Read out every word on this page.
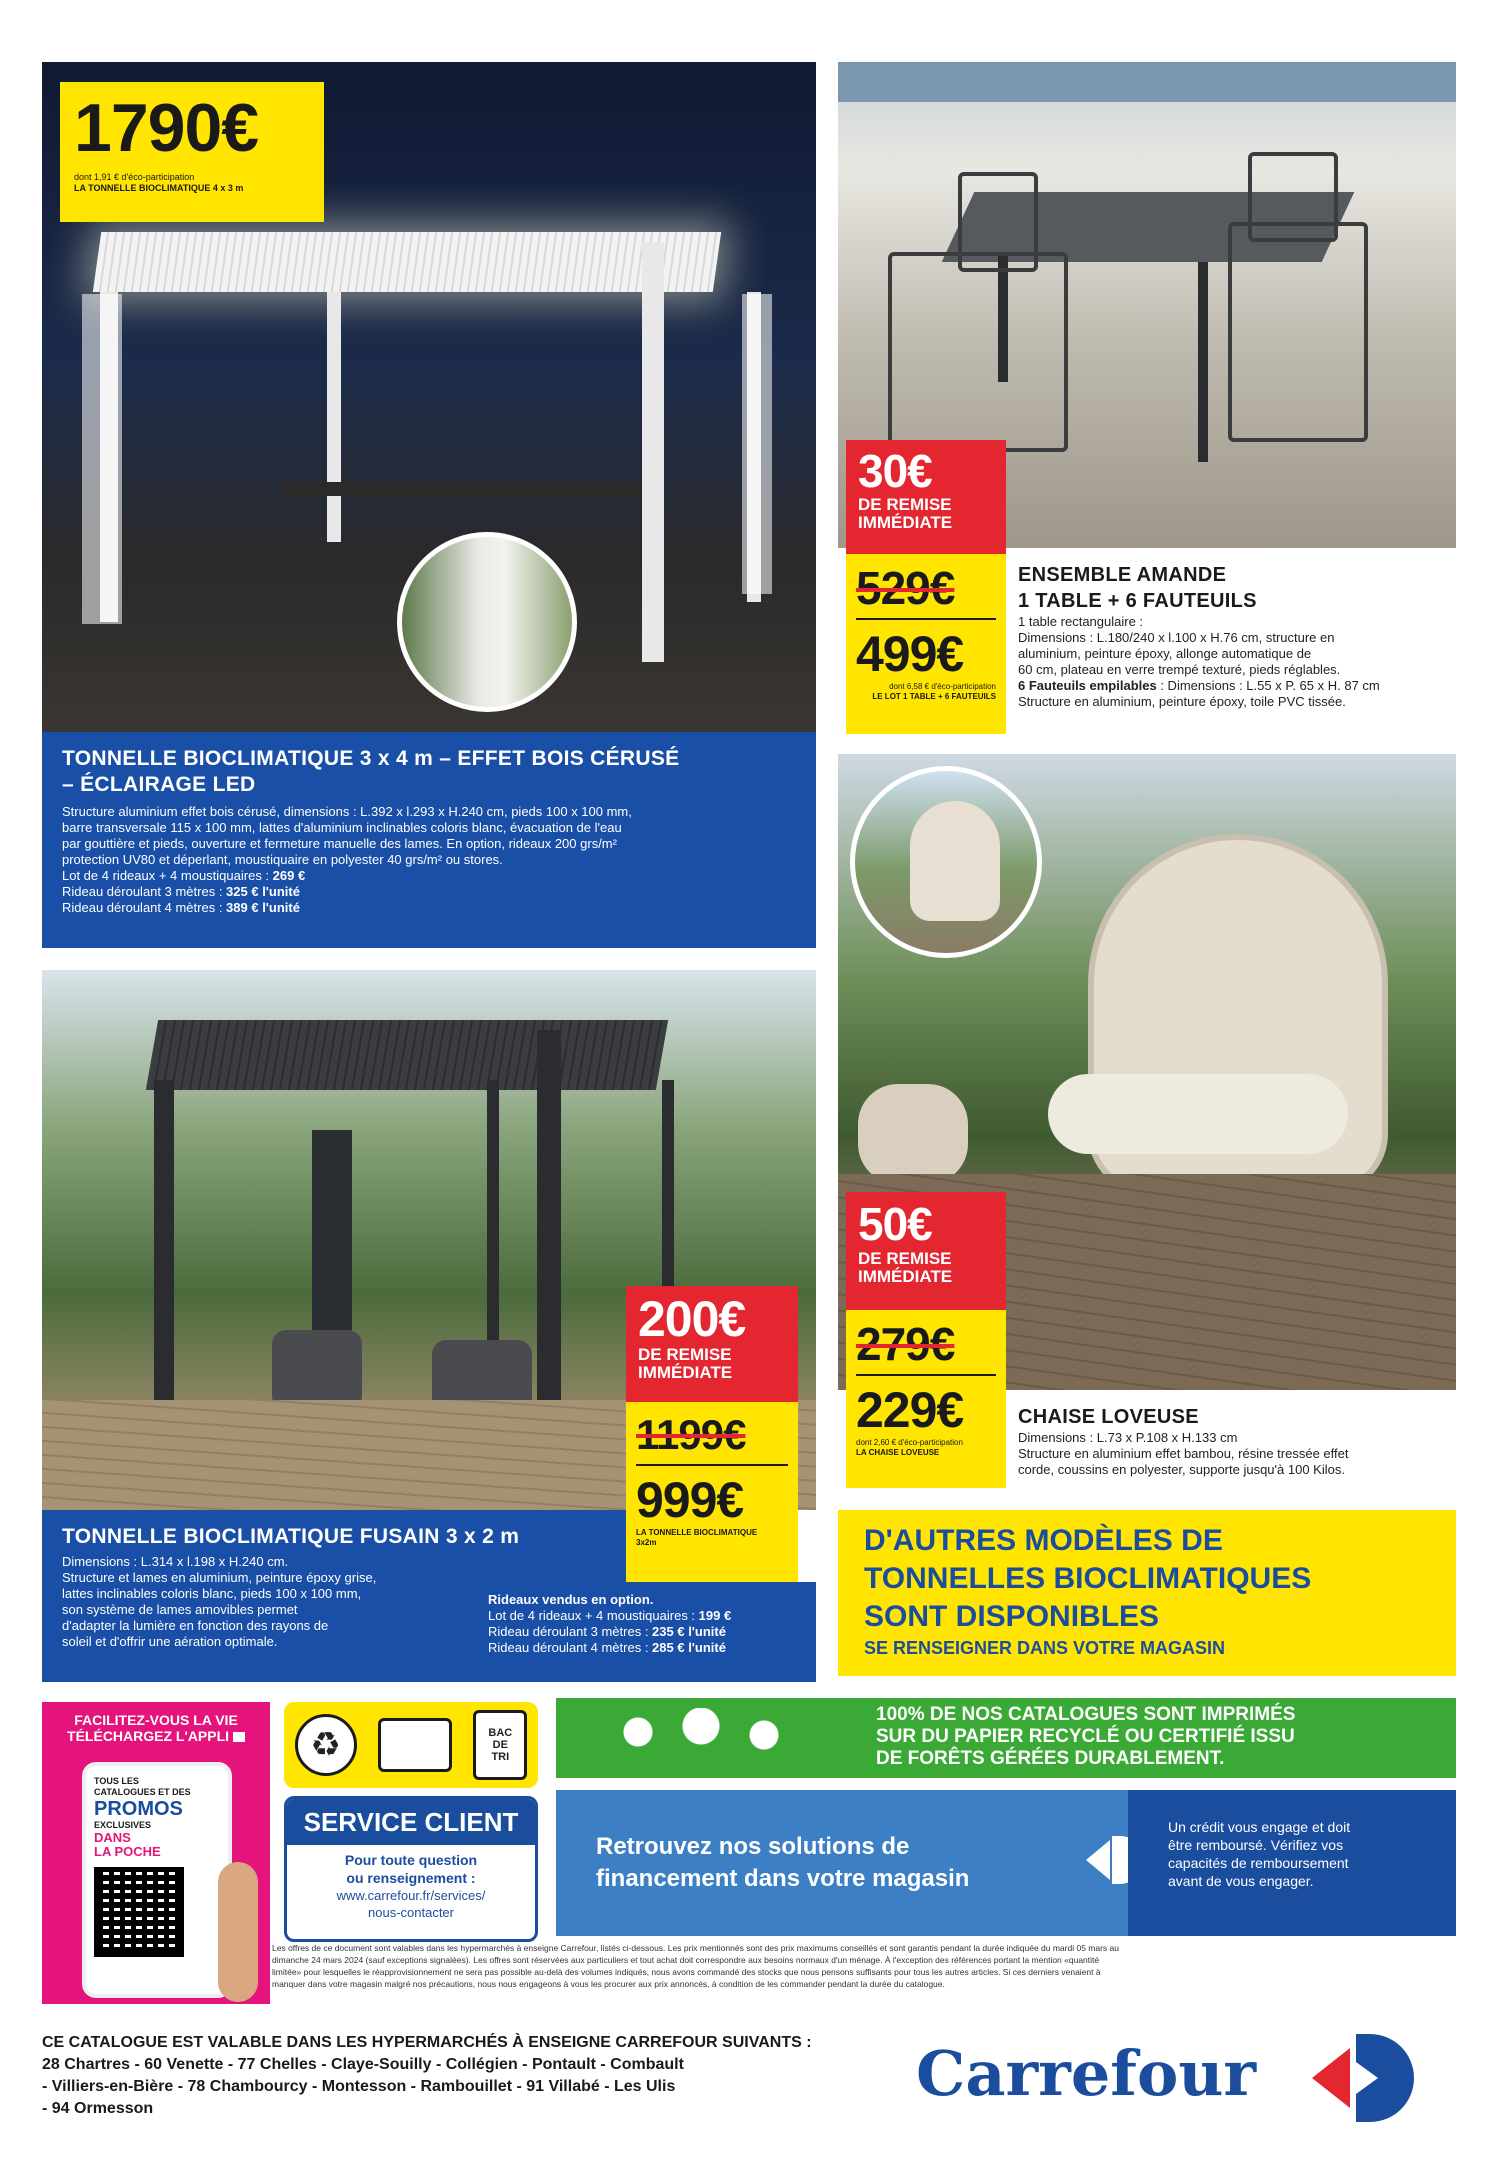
1790€
dont 1,91 € d'éco-participation
LA TONNELLE BIOCLIMATIQUE 4 x 3 m
TONNELLE BIOCLIMATIQUE 3 x 4 m – EFFET BOIS CÉRUSÉ
– ÉCLAIRAGE LED
Structure aluminium effet bois cérusé, dimensions : L.392 x l.293 x H.240 cm, pieds 100 x 100 mm,
barre transversale 115 x 100 mm, lattes d'aluminium inclinables coloris blanc, évacuation de l'eau
par gouttière et pieds, ouverture et fermeture manuelle des lames. En option, rideaux 200 grs/m²
protection UV80 et déperlant, moustiquaire en polyester 40 grs/m² ou stores.
Lot de 4 rideaux + 4 moustiquaires : 269 €
Rideau déroulant 3 mètres : 325 € l'unité
Rideau déroulant 4 mètres : 389 € l'unité
30€
DE REMISE
IMMÉDIATE
529€
499€
dont 6,58 € d'éco-participation
LE LOT 1 TABLE + 6 FAUTEUILS
ENSEMBLE AMANDE
1 TABLE + 6 FAUTEUILS
1 table rectangulaire :
Dimensions : L.180/240 x l.100 x H.76 cm, structure en
aluminium, peinture époxy, allonge automatique de
60 cm, plateau en verre trempé texturé, pieds réglables.
6 Fauteuils empilables : Dimensions : L.55 x P. 65 x H. 87 cm
Structure en aluminium, peinture époxy, toile PVC tissée.
50€
DE REMISE
IMMÉDIATE
279€
229€
dont 2,60 € d'éco-participation
LA CHAISE LOVEUSE
CHAISE LOVEUSE
Dimensions : L.73 x P.108 x H.133 cm
Structure en aluminium effet bambou, résine tressée effet
corde, coussins en polyester, supporte jusqu'à 100 Kilos.
200€
DE REMISE
IMMÉDIATE
1199€
999€
LA TONNELLE BIOCLIMATIQUE
3x2m
TONNELLE BIOCLIMATIQUE FUSAIN 3 x 2 m
Dimensions : L.314 x l.198 x H.240 cm.
Structure et lames en aluminium, peinture époxy grise,
lattes inclinables coloris blanc, pieds 100 x 100 mm,
son système de lames amovibles permet
d'adapter la lumière en fonction des rayons de
soleil et d'offrir une aération optimale.
Rideaux vendus en option.
Lot de 4 rideaux + 4 moustiquaires : 199 €
Rideau déroulant 3 mètres : 235 € l'unité
Rideau déroulant 4 mètres : 285 € l'unité
D'AUTRES MODÈLES DE
TONNELLES BIOCLIMATIQUES
SONT DISPONIBLES
SE RENSEIGNER DANS VOTRE MAGASIN
FACILITEZ-VOUS LA VIE
TÉLÉCHARGEZ L'APPLI
TOUS LES
CATALOGUES ET DES
PROMOS
EXCLUSIVES
DANS
LA POCHE
♻	BAC
DE
TRI
SERVICE CLIENT
Pour toute question
ou renseignement :
www.carrefour.fr/services/
nous-contacter
100% DE NOS CATALOGUES SONT IMPRIMÉS
SUR DU PAPIER RECYCLÉ OU CERTIFIÉ ISSU
DE FORÊTS GÉRÉES DURABLEMENT.
Retrouvez nos solutions de
financement dans votre magasin
Un crédit vous engage et doit
être remboursé. Vérifiez vos
capacités de remboursement
avant de vous engager.
Les offres de ce document sont valables dans les hypermarchés à enseigne Carrefour, listés ci-dessous. Les prix mentionnés sont des prix maximums conseillés et sont garantis pendant la durée indiquée du mardi 05 mars au
dimanche 24 mars 2024 (sauf exceptions signalées). Les offres sont réservées aux particuliers et tout achat doit correspondre aux besoins normaux d'un ménage. À l'exception des références portant la mention «quantité
limitée» pour lesquelles le réapprovisionnement ne sera pas possible au-delà des volumes indiqués, nous avons commandé des stocks que nous pensons suffisants pour tous les autres articles. Si ces derniers venaient à
manquer dans votre magasin malgré nos précautions, nous nous engageons à vous les procurer aux prix annoncés, à condition de les commander pendant la durée du catalogue.
CE CATALOGUE EST VALABLE DANS LES HYPERMARCHÉS À ENSEIGNE CARREFOUR SUIVANTS :
28 Chartres - 60 Venette - 77 Chelles - Claye-Souilly - Collégien - Pontault - Combault
- Villiers-en-Bière - 78 Chambourcy - Montesson - Rambouillet - 91 Villabé - Les Ulis
- 94 Ormesson	Carrefour
